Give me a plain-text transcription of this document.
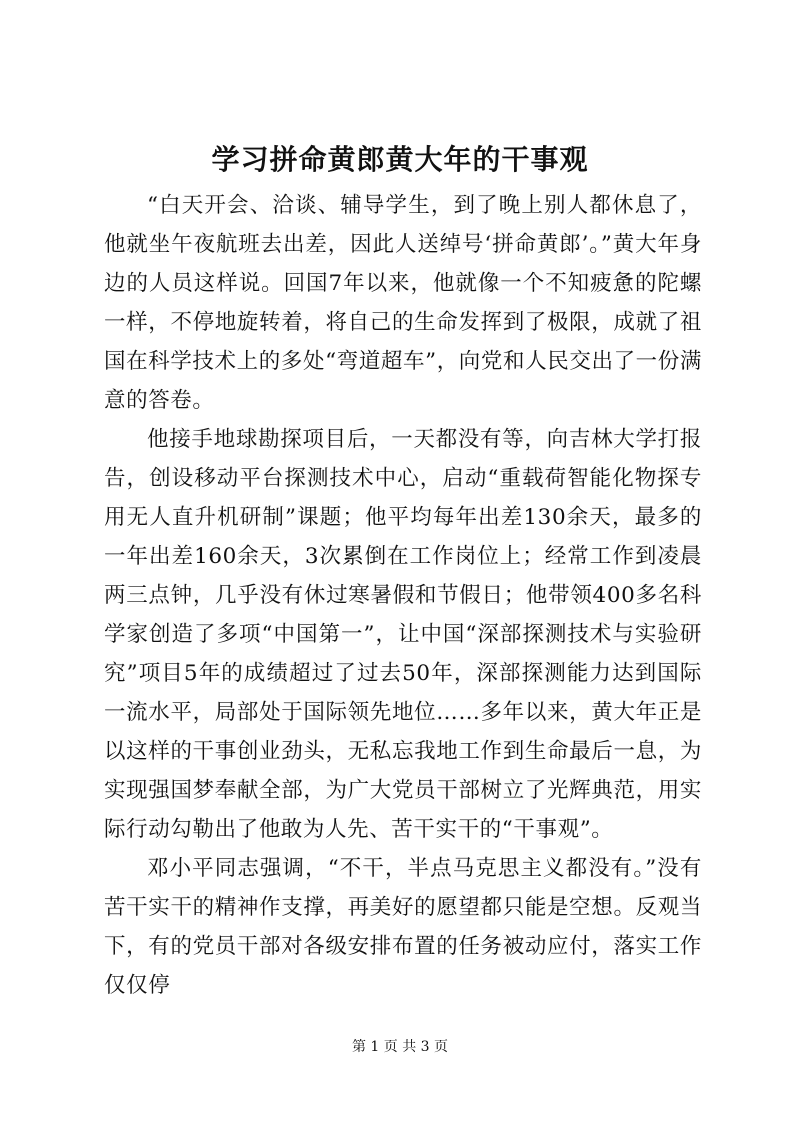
学习拼命黄郎黄大年的干事观

“白天开会、洽谈、辅导学生，到了晚上别人都休息了，他就坐午夜航班去出差，因此人送绰号‘拼命黄郎’。”黄大年身边的人员这样说。回国7年以来，他就像一个不知疲惫的陀螺一样，不停地旋转着，将自己的生命发挥到了极限，成就了祖国在科学技术上的多处“弯道超车”，向党和人民交出了一份满意的答卷。

他接手地球勘探项目后，一天都没有等，向吉林大学打报告，创设移动平台探测技术中心，启动“重载荷智能化物探专用无人直升机研制”课题；他平均每年出差130余天，最多的一年出差160余天，3次累倒在工作岗位上；经常工作到凌晨两三点钟，几乎没有休过寒暑假和节假日；他带领400多名科学家创造了多项“中国第一”，让中国“深部探测技术与实验研究”项目5年的成绩超过了过去50年，深部探测能力达到国际一流水平，局部处于国际领先地位……多年以来，黄大年正是以这样的干事创业劲头，无私忘我地工作到生命最后一息，为实现强国梦奉献全部，为广大党员干部树立了光辉典范，用实际行动勾勒出了他敢为人先、苦干实干的“干事观”。

邓小平同志强调，“不干，半点马克思主义都没有。”没有苦干实干的精神作支撑，再美好的愿望都只能是空想。反观当下，有的党员干部对各级安排布置的任务被动应付，落实工作仅仅停

第 1 页 共 3 页
